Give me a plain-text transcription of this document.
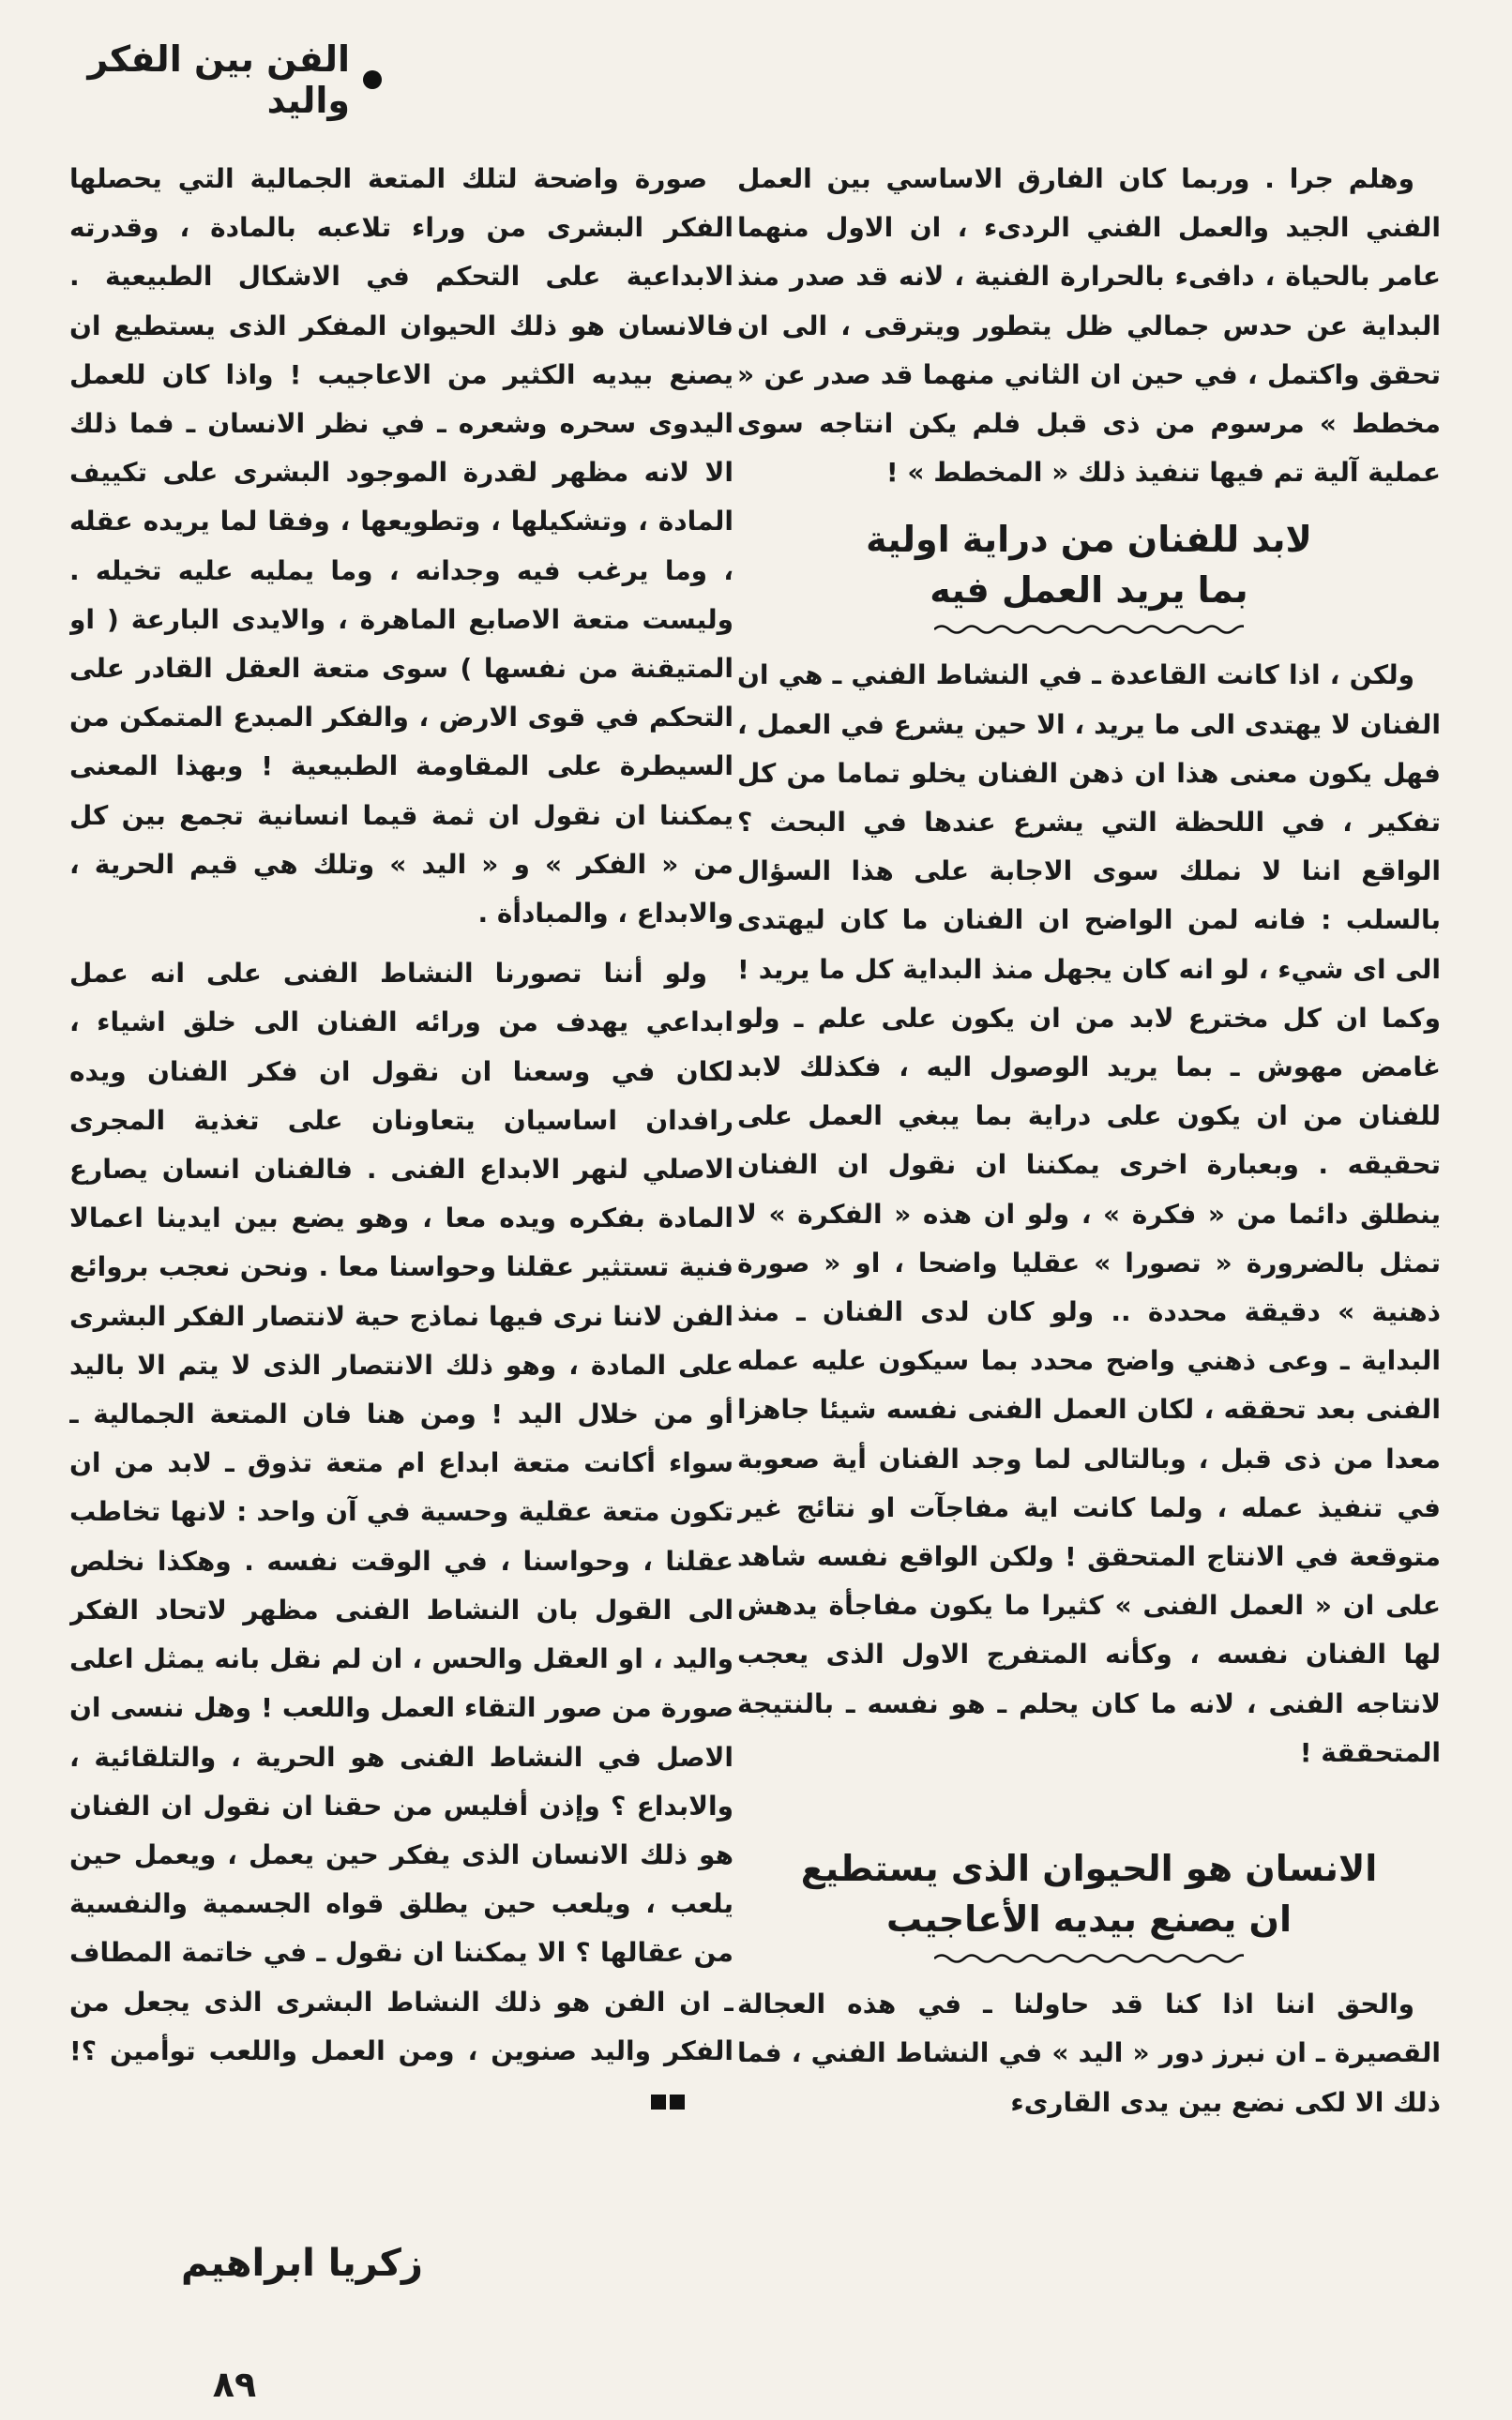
الفن بين الفكر واليد

وهلم جرا . وربما كان الفارق الاساسي بين العمل الفني الجيد والعمل الفني الردىء ، ان الاول منهما عامر بالحياة ، دافىء بالحرارة الفنية ، لانه قد صدر منذ البداية عن حدس جمالي ظل يتطور ويترقى ، الى ان تحقق واكتمل ، في حين ان الثاني منهما قد صدر عن « مخطط » مرسوم من ذى قبل فلم يكن انتاجه سوى عملية آلية تم فيها تنفيذ ذلك « المخطط » !

لابد للفنان من دراية اولية
بما يريد العمل فيه

ولكن ، اذا كانت القاعدة ـ في النشاط الفني ـ هي ان الفنان لا يهتدى الى ما يريد ، الا حين يشرع في العمل ، فهل يكون معنى هذا ان ذهن الفنان يخلو تماما من كل تفكير ، في اللحظة التي يشرع عندها في البحث ؟ الواقع اننا لا نملك سوى الاجابة على هذا السؤال بالسلب : فانه لمن الواضح ان الفنان ما كان ليهتدى الى اى شيء ، لو انه كان يجهل منذ البداية كل ما يريد ! وكما ان كل مخترع لابد من ان يكون على علم ـ ولو غامض مهوش ـ بما يريد الوصول اليه ، فكذلك لابد للفنان من ان يكون على دراية بما يبغي العمل على تحقيقه . وبعبارة اخرى يمكننا ان نقول ان الفنان ينطلق دائما من « فكرة » ، ولو ان هذه « الفكرة » لا تمثل بالضرورة « تصورا » عقليا واضحا ، او « صورة ذهنية » دقيقة محددة .. ولو كان لدى الفنان ـ منذ البداية ـ وعى ذهني واضح محدد بما سيكون عليه عمله الفنى بعد تحققه ، لكان العمل الفنى نفسه شيئا جاهزا معدا من ذى قبل ، وبالتالى لما وجد الفنان أية صعوبة في تنفيذ عمله ، ولما كانت اية مفاجآت او نتائج غير متوقعة في الانتاج المتحقق ! ولكن الواقع نفسه شاهد على ان « العمل الفنى » كثيرا ما يكون مفاجأة يدهش لها الفنان نفسه ، وكأنه المتفرج الاول الذى يعجب لانتاجه الفنى ، لانه ما كان يحلم ـ هو نفسه ـ بالنتيجة المتحققة !

الانسان هو الحيوان الذى يستطيع
ان يصنع بيديه الأعاجيب

والحق اننا اذا كنا قد حاولنا ـ في هذه العجالة القصيرة ـ ان نبرز دور « اليد » في النشاط الفني ، فما ذلك الا لكى نضع بين يدى القارىء

صورة واضحة لتلك المتعة الجمالية التي يحصلها الفكر البشرى من وراء تلاعبه بالمادة ، وقدرته الابداعية على التحكم في الاشكال الطبيعية . فالانسان هو ذلك الحيوان المفكر الذى يستطيع ان يصنع بيديه الكثير من الاعاجيب ! واذا كان للعمل اليدوى سحره وشعره ـ في نظر الانسان ـ فما ذلك الا لانه مظهر لقدرة الموجود البشرى على تكييف المادة ، وتشكيلها ، وتطويعها ، وفقا لما يريده عقله ، وما يرغب فيه وجدانه ، وما يمليه عليه تخيله . وليست متعة الاصابع الماهرة ، والايدى البارعة ( او المتيقنة من نفسها ) سوى متعة العقل القادر على التحكم في قوى الارض ، والفكر المبدع المتمكن من السيطرة على المقاومة الطبيعية ! وبهذا المعنى يمكننا ان نقول ان ثمة قيما انسانية تجمع بين كل من « الفكر » و « اليد » وتلك هي قيم الحرية ، والابداع ، والمبادأة .

ولو أننا تصورنا النشاط الفنى على انه عمل ابداعي يهدف من ورائه الفنان الى خلق اشياء ، لكان في وسعنا ان نقول ان فكر الفنان ويده رافدان اساسيان يتعاونان على تغذية المجرى الاصلي لنهر الابداع الفنى . فالفنان انسان يصارع المادة بفكره ويده معا ، وهو يضع بين ايدينا اعمالا فنية تستثير عقلنا وحواسنا معا . ونحن نعجب بروائع الفن لاننا نرى فيها نماذج حية لانتصار الفكر البشرى على المادة ، وهو ذلك الانتصار الذى لا يتم الا باليد أو من خلال اليد ! ومن هنا فان المتعة الجمالية ـ سواء أكانت متعة ابداع ام متعة تذوق ـ لابد من ان تكون متعة عقلية وحسية في آن واحد : لانها تخاطب عقلنا ، وحواسنا ، في الوقت نفسه . وهكذا نخلص الى القول بان النشاط الفنى مظهر لاتحاد الفكر واليد ، او العقل والحس ، ان لم نقل بانه يمثل اعلى صورة من صور التقاء العمل واللعب ! وهل ننسى ان الاصل في النشاط الفنى هو الحرية ، والتلقائية ، والابداع ؟ وإذن أفليس من حقنا ان نقول ان الفنان هو ذلك الانسان الذى يفكر حين يعمل ، ويعمل حين يلعب ، ويلعب حين يطلق قواه الجسمية والنفسية من عقالها ؟ الا يمكننا ان نقول ـ في خاتمة المطاف ـ ان الفن هو ذلك النشاط البشرى الذى يجعل من الفكر واليد صنوين ، ومن العمل واللعب توأمين ؟!

زكريا ابراهيم
٨٩
